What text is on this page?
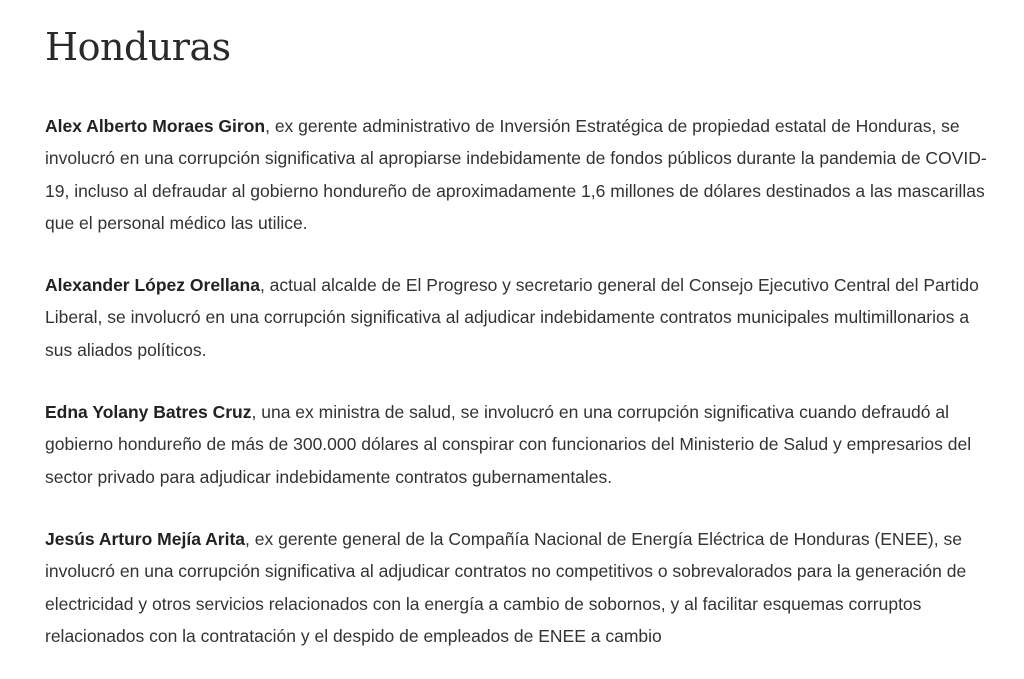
Honduras

Alex Alberto Moraes Giron, ex gerente administrativo de Inversión Estratégica de propiedad estatal de Honduras, se involucró en una corrupción significativa al apropiarse indebidamente de fondos públicos durante la pandemia de COVID-19, incluso al defraudar al gobierno hondureño de aproximadamente 1,6 millones de dólares destinados a las mascarillas que el personal médico las utilice.

Alexander López Orellana, actual alcalde de El Progreso y secretario general del Consejo Ejecutivo Central del Partido Liberal, se involucró en una corrupción significativa al adjudicar indebidamente contratos municipales multimillonarios a sus aliados políticos.

Edna Yolany Batres Cruz, una ex ministra de salud, se involucró en una corrupción significativa cuando defraudó al gobierno hondureño de más de 300.000 dólares al conspirar con funcionarios del Ministerio de Salud y empresarios del sector privado para adjudicar indebidamente contratos gubernamentales.

Jesús Arturo Mejía Arita, ex gerente general de la Compañía Nacional de Energía Eléctrica de Honduras (ENEE), se involucró en una corrupción significativa al adjudicar contratos no competitivos o sobrevalorados para la generación de electricidad y otros servicios relacionados con la energía a cambio de sobornos, y al facilitar esquemas corruptos relacionados con la contratación y el despido de empleados de ENEE a cambio
